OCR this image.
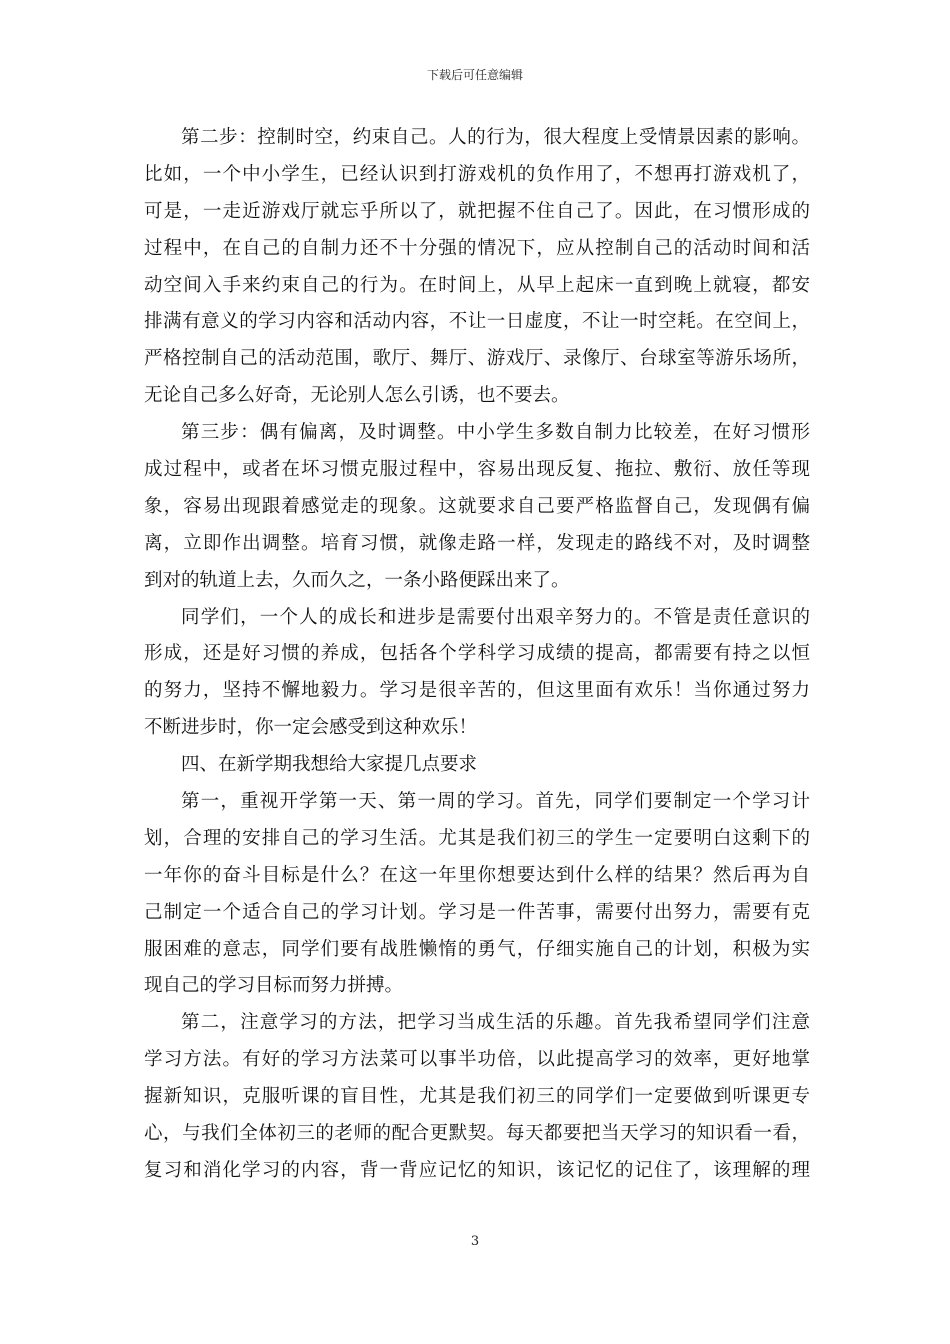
下载后可任意编辑
第二步：控制时空，约束自己。人的行为，很大程度上受情景因素的影响。
比如，一个中小学生，已经认识到打游戏机的负作用了，不想再打游戏机了，
可是，一走近游戏厅就忘乎所以了，就把握不住自己了。因此，在习惯形成的
过程中，在自己的自制力还不十分强的情况下，应从控制自己的活动时间和活
动空间入手来约束自己的行为。在时间上，从早上起床一直到晚上就寝，都安
排满有意义的学习内容和活动内容，不让一日虚度，不让一时空耗。在空间上，
严格控制自己的活动范围，歌厅、舞厅、游戏厅、录像厅、台球室等游乐场所，
无论自己多么好奇，无论别人怎么引诱，也不要去。
第三步：偶有偏离，及时调整。中小学生多数自制力比较差，在好习惯形
成过程中，或者在坏习惯克服过程中，容易出现反复、拖拉、敷衍、放任等现
象，容易出现跟着感觉走的现象。这就要求自己要严格监督自己，发现偶有偏
离，立即作出调整。培育习惯，就像走路一样，发现走的路线不对，及时调整
到对的轨道上去，久而久之，一条小路便踩出来了。
同学们，一个人的成长和进步是需要付出艰辛努力的。不管是责任意识的
形成，还是好习惯的养成，包括各个学科学习成绩的提高，都需要有持之以恒
的努力，坚持不懈地毅力。学习是很辛苦的，但这里面有欢乐！当你通过努力
不断进步时，你一定会感受到这种欢乐！
四、在新学期我想给大家提几点要求
第一，重视开学第一天、第一周的学习。首先，同学们要制定一个学习计
划，合理的安排自己的学习生活。尤其是我们初三的学生一定要明白这剩下的
一年你的奋斗目标是什么？在这一年里你想要达到什么样的结果？然后再为自
己制定一个适合自己的学习计划。学习是一件苦事，需要付出努力，需要有克
服困难的意志，同学们要有战胜懒惰的勇气，仔细实施自己的计划，积极为实
现自己的学习目标而努力拼搏。
第二，注意学习的方法，把学习当成生活的乐趣。首先我希望同学们注意
学习方法。有好的学习方法菜可以事半功倍，以此提高学习的效率，更好地掌
握新知识，克服听课的盲目性，尤其是我们初三的同学们一定要做到听课更专
心，与我们全体初三的老师的配合更默契。每天都要把当天学习的知识看一看，
复习和消化学习的内容，背一背应记忆的知识，该记忆的记住了，该理解的理
3
